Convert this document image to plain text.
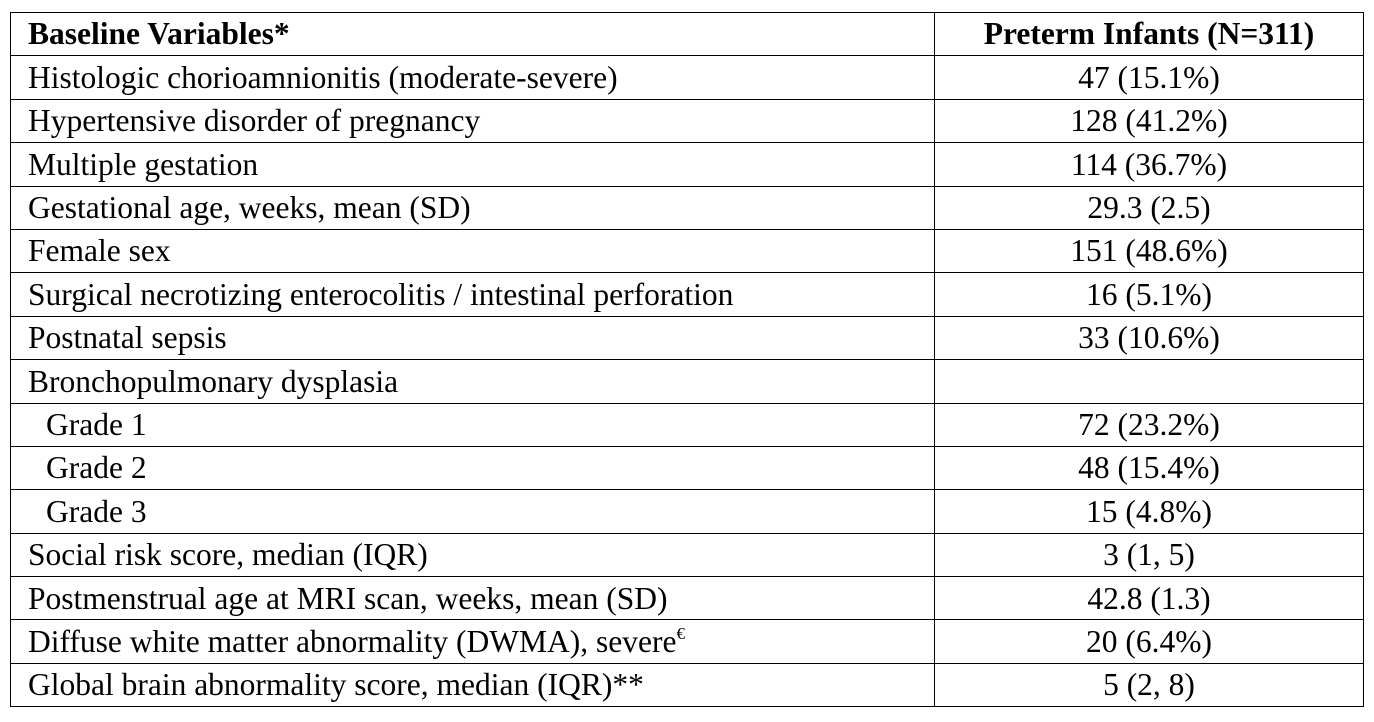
Baseline Variables*	Preterm Infants (N=311)
Histologic chorioamnionitis (moderate-severe)	47 (15.1%)
Hypertensive disorder of pregnancy	128 (41.2%)
Multiple gestation	114 (36.7%)
Gestational age, weeks, mean (SD)	29.3 (2.5)
Female sex	151 (48.6%)
Surgical necrotizing enterocolitis / intestinal perforation	16 (5.1%)
Postnatal sepsis	33 (10.6%)
Bronchopulmonary dysplasia	
Grade 1	72 (23.2%)
Grade 2	48 (15.4%)
Grade 3	15 (4.8%)
Social risk score, median (IQR)	3 (1, 5)
Postmenstrual age at MRI scan, weeks, mean (SD)	42.8 (1.3)
Diffuse white matter abnormality (DWMA), severe€	20 (6.4%)
Global brain abnormality score, median (IQR)**	5 (2, 8)
